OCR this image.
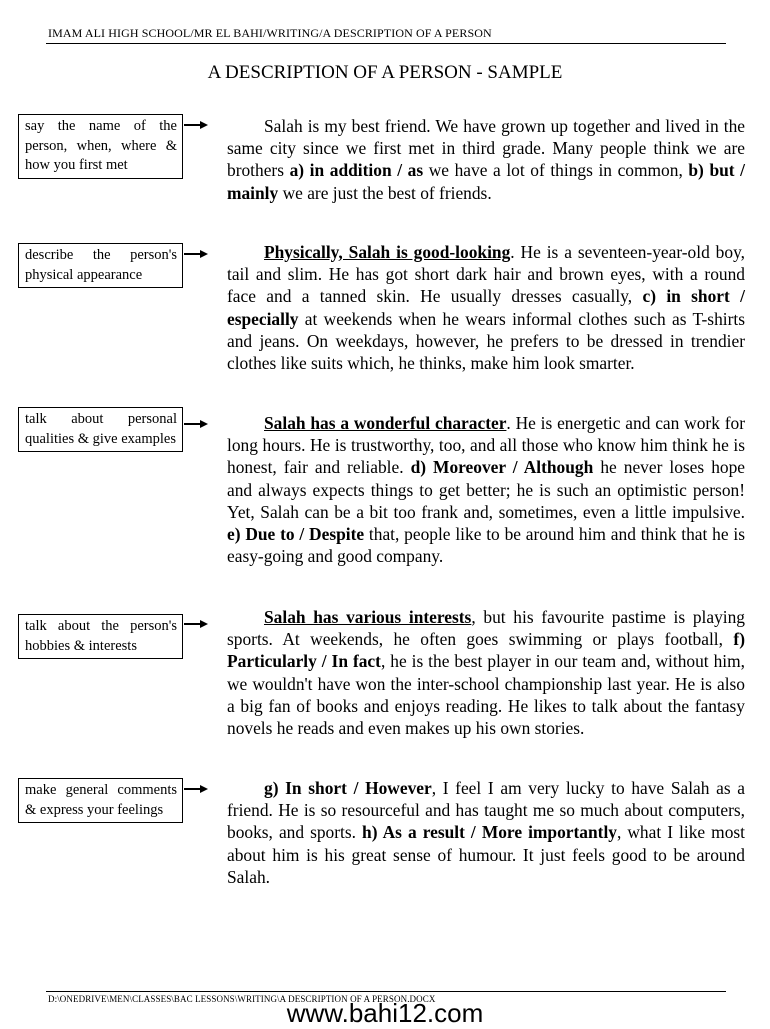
IMAM ALI HIGH SCHOOL/MR EL BAHI/WRITING/A DESCRIPTION OF A PERSON
A DESCRIPTION OF A PERSON - SAMPLE
say the name of the person, when, where & how you first met
describe the person's physical appearance
talk about personal qualities & give examples
talk about the person's hobbies & interests
make general comments & express your feelings

Salah is my best friend. We have grown up together and lived in the same city since we first met in third grade. Many people think we are brothers a) in addition / as we have a lot of things in common, b) but / mainly we are just the best of friends.

Physically, Salah is good-looking. He is a seventeen-year-old boy, tail and slim. He has got short dark hair and brown eyes, with a round face and a tanned skin. He usually dresses casually, c) in short / especially at weekends when he wears informal clothes such as T-shirts and jeans. On weekdays, however, he prefers to be dressed in trendier clothes like suits which, he thinks, make him look smarter.

Salah has a wonderful character. He is energetic and can work for long hours. He is trustworthy, too, and all those who know him think he is honest, fair and reliable. d) Moreover / Although he never loses hope and always expects things to get better; he is such an optimistic person! Yet, Salah can be a bit too frank and, sometimes, even a little impulsive. e) Due to / Despite that, people like to be around him and think that he is easy-going and good company.

Salah has various interests, but his favourite pastime is playing sports. At weekends, he often goes swimming or plays football, f) Particularly / In fact, he is the best player in our team and, without him, we wouldn't have won the inter-school championship last year. He is also a big fan of books and enjoys reading. He likes to talk about the fantasy novels he reads and even makes up his own stories.

g) In short / However, I feel I am very lucky to have Salah as a friend. He is so resourceful and has taught me so much about computers, books, and sports. h) As a result / More importantly, what I like most about him is his great sense of humour. It just feels good to be around Salah.

D:\ONEDRIVE\MEN\CLASSES\BAC LESSONS\WRITING\A DESCRIPTION OF A PERSON.DOCX
www.bahi12.com
